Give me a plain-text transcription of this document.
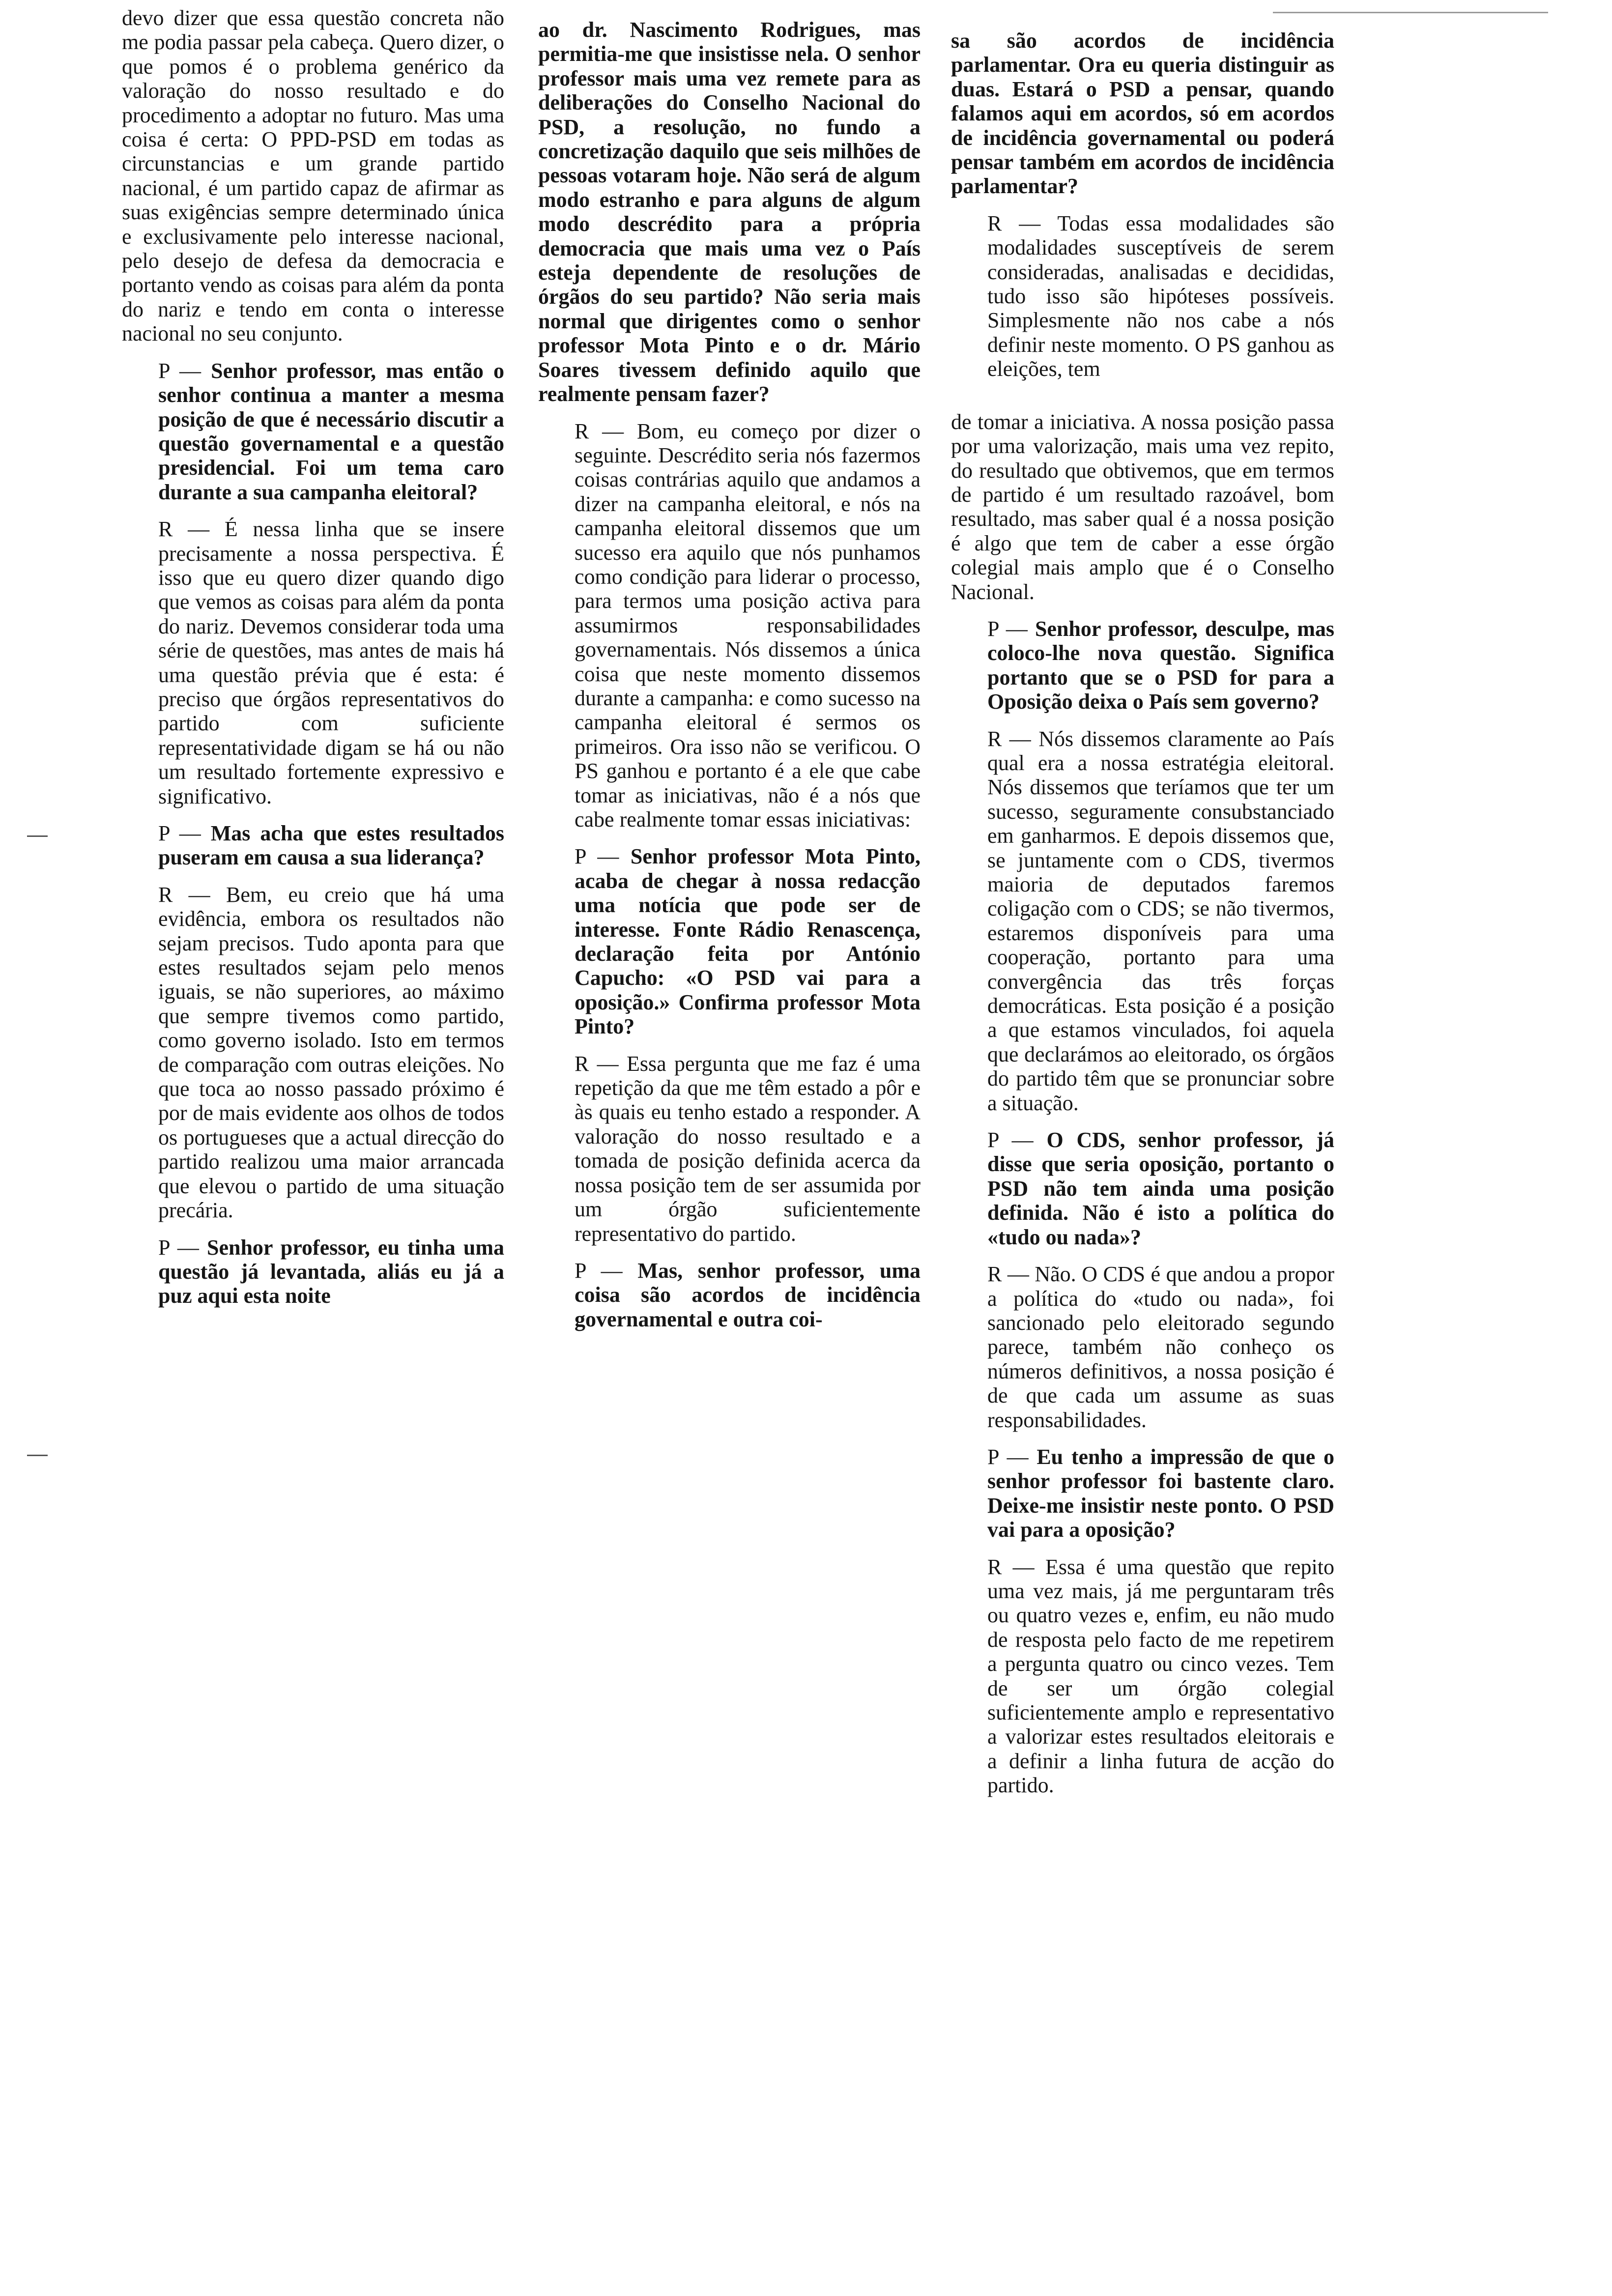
devo dizer que essa questão concreta não me podia passar pela cabeça. Quero dizer, o que pomos é o problema genérico da valoração do nosso resultado e do procedimento a adoptar no futuro. Mas uma coisa é certa: O PPD-PSD em todas as circunstancias e um grande partido nacional, é um partido capaz de afirmar as suas exigências sempre determinado única e exclusivamente pelo interesse nacional, pelo desejo de defesa da democracia e portanto vendo as coisas para além da ponta do nariz e tendo em conta o interesse nacional no seu conjunto.

P — Senhor professor, mas então o senhor continua a manter a mesma posição de que é necessário discutir a questão governamental e a questão presidencial. Foi um tema caro durante a sua campanha eleitoral?

R — É nessa linha que se insere precisamente a nossa perspectiva. É isso que eu quero dizer quando digo que vemos as coisas para além da ponta do nariz. Devemos considerar toda uma série de questões, mas antes de mais há uma questão prévia que é esta: é preciso que órgãos representativos do partido com suficiente representatividade digam se há ou não um resultado fortemente expressivo e significativo.

P — Mas acha que estes resultados puseram em causa a sua liderança?

R — Bem, eu creio que há uma evidência, embora os resultados não sejam precisos. Tudo aponta para que estes resultados sejam pelo menos iguais, se não superiores, ao máximo que sempre tivemos como partido, como governo isolado. Isto em termos de comparação com outras eleições. No que toca ao nosso passado próximo é por de mais evidente aos olhos de todos os portugueses que a actual direcção do partido realizou uma maior arrancada que elevou o partido de uma situação precária.

P — Senhor professor, eu tinha uma questão já levantada, aliás eu já a puz aqui esta noite

ao dr. Nascimento Rodrigues, mas permitia-me que insistisse nela. O senhor professor mais uma vez remete para as deliberações do Conselho Nacional do PSD, a resolução, no fundo a concretização daquilo que seis milhões de pessoas votaram hoje. Não será de algum modo estranho e para alguns de algum modo descrédito para a própria democracia que mais uma vez o País esteja dependente de resoluções de órgãos do seu partido? Não seria mais normal que dirigentes como o senhor professor Mota Pinto e o dr. Mário Soares tivessem definido aquilo que realmente pensam fazer?

R — Bom, eu começo por dizer o seguinte. Descrédito seria nós fazermos coisas contrárias aquilo que andamos a dizer na campanha eleitoral, e nós na campanha eleitoral dissemos que um sucesso era aquilo que nós punhamos como condição para liderar o processo, para termos uma posição activa para assumirmos responsabilidades governamentais. Nós dissemos a única coisa que neste momento dissemos durante a campanha: e como sucesso na campanha eleitoral é sermos os primeiros. Ora isso não se verificou. O PS ganhou e portanto é a ele que cabe tomar as iniciativas, não é a nós que cabe realmente tomar essas iniciativas:

P — Senhor professor Mota Pinto, acaba de chegar à nossa redacção uma notícia que pode ser de interesse. Fonte Rádio Renascença, declaração feita por António Capucho: «O PSD vai para a oposição.» Confirma professor Mota Pinto?

R — Essa pergunta que me faz é uma repetição da que me têm estado a pôr e às quais eu tenho estado a responder. A valoração do nosso resultado e a tomada de posição definida acerca da nossa posição tem de ser assumida por um órgão suficientemente representativo do partido.

P — Mas, senhor professor, uma coisa são acordos de incidência governamental e outra coi-

sa são acordos de incidência parlamentar. Ora eu queria distinguir as duas. Estará o PSD a pensar, quando falamos aqui em acordos, só em acordos de incidência governamental ou poderá pensar também em acordos de incidência parlamentar?

R — Todas essa modalidades são modalidades susceptíveis de serem consideradas, analisadas e decididas, tudo isso são hipóteses possíveis. Simplesmente não nos cabe a nós definir neste momento. O PS ganhou as eleições, tem

de tomar a iniciativa. A nossa posição passa por uma valorização, mais uma vez repito, do resultado que obtivemos, que em termos de partido é um resultado razoável, bom resultado, mas saber qual é a nossa posição é algo que tem de caber a esse órgão colegial mais amplo que é o Conselho Nacional.

P — Senhor professor, desculpe, mas coloco-lhe nova questão. Significa portanto que se o PSD for para a Oposição deixa o País sem governo?

R — Nós dissemos claramente ao País qual era a nossa estratégia eleitoral. Nós dissemos que teríamos que ter um sucesso, seguramente consubstanciado em ganharmos. E depois dissemos que, se juntamente com o CDS, tivermos maioria de deputados faremos coligação com o CDS; se não tivermos, estaremos disponíveis para uma cooperação, portanto para uma convergência das três forças democráticas. Esta posição é a posição a que estamos vinculados, foi aquela que declarámos ao eleitorado, os órgãos do partido têm que se pronunciar sobre a situação.

P — O CDS, senhor professor, já disse que seria oposição, portanto o PSD não tem ainda uma posição definida. Não é isto a política do «tudo ou nada»?

R — Não. O CDS é que andou a propor a política do «tudo ou nada», foi sancionado pelo eleitorado segundo parece, também não conheço os números definitivos, a nossa posição é de que cada um assume as suas responsabilidades.

P — Eu tenho a impressão de que o senhor professor foi bastente claro. Deixe-me insistir neste ponto. O PSD vai para a oposição?

R — Essa é uma questão que repito uma vez mais, já me perguntaram três ou quatro vezes e, enfim, eu não mudo de resposta pelo facto de me repetirem a pergunta quatro ou cinco vezes. Tem de ser um órgão colegial suficientemente amplo e representativo a valorizar estes resultados eleitorais e a definir a linha futura de acção do partido.
